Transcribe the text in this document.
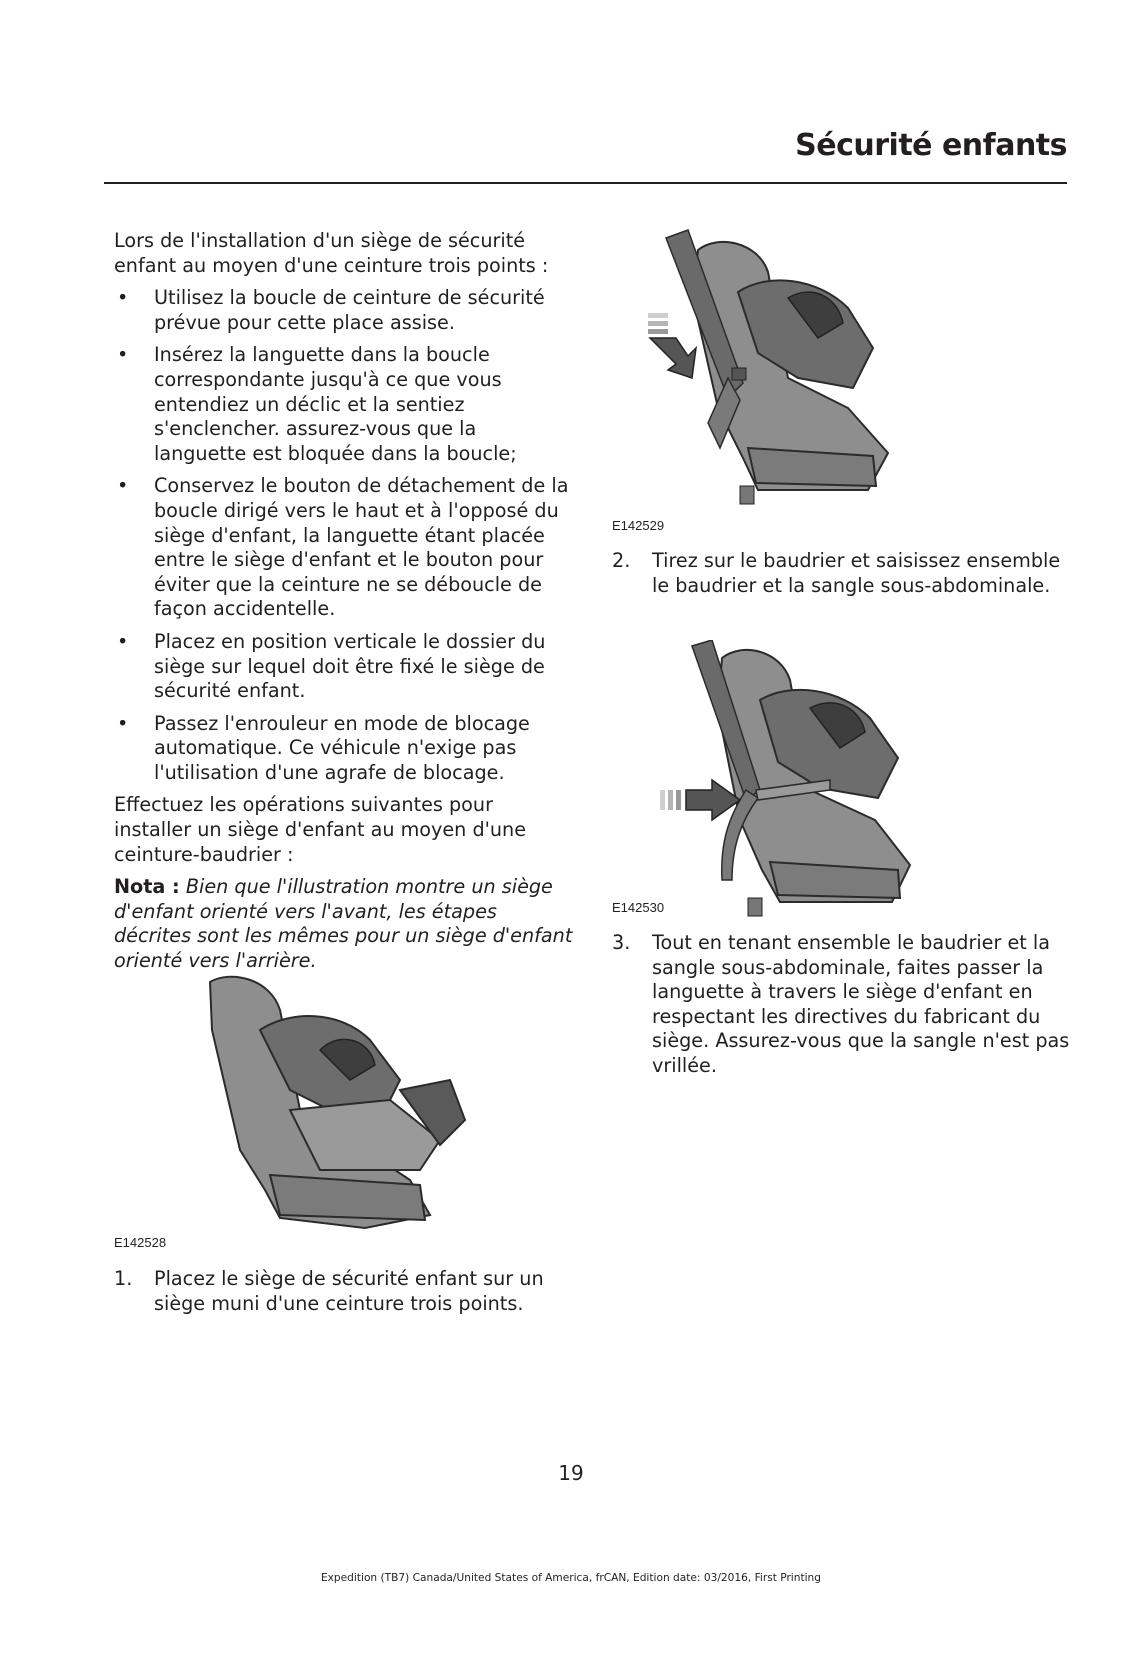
Sécurité enfants

Lors de l'installation d'un siège de sécurité enfant au moyen d'une ceinture trois points :

• Utilisez la boucle de ceinture de sécurité prévue pour cette place assise.
• Insérez la languette dans la boucle correspondante jusqu'à ce que vous entendiez un déclic et la sentiez s'enclencher. assurez-vous que la languette est bloquée dans la boucle;
• Conservez le bouton de détachement de la boucle dirigé vers le haut et à l'opposé du siège d'enfant, la languette étant placée entre le siège d'enfant et le bouton pour éviter que la ceinture ne se déboucle de façon accidentelle.
• Placez en position verticale le dossier du siège sur lequel doit être fixé le siège de sécurité enfant.
• Passez l'enrouleur en mode de blocage automatique. Ce véhicule n'exige pas l'utilisation d'une agrafe de blocage.

Effectuez les opérations suivantes pour installer un siège d'enfant au moyen d'une ceinture-baudrier :

Nota : Bien que l'illustration montre un siège d'enfant orienté vers l'avant, les étapes décrites sont les mêmes pour un siège d'enfant orienté vers l'arrière.

E142528

1. Placez le siège de sécurité enfant sur un siège muni d'une ceinture trois points.

E142529

2. Tirez sur le baudrier et saisissez ensemble le baudrier et la sangle sous-abdominale.

E142530

3. Tout en tenant ensemble le baudrier et la sangle sous-abdominale, faites passer la languette à travers le siège d'enfant en respectant les directives du fabricant du siège. Assurez-vous que la sangle n'est pas vrillée.

19
Expedition (TB7) Canada/United States of America, frCAN, Edition date: 03/2016, First Printing
